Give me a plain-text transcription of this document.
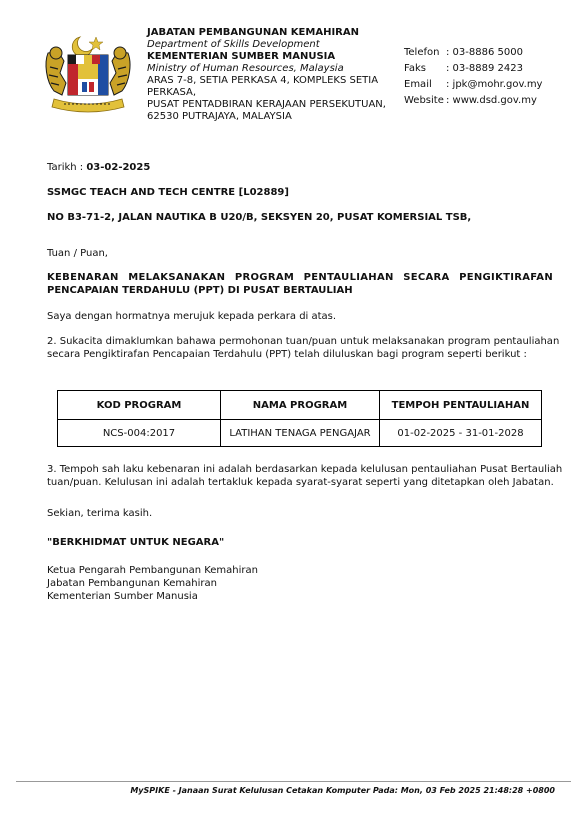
JABATAN PEMBANGUNAN KEMAHIRAN
Department of Skills Development
KEMENTERIAN SUMBER MANUSIA
Ministry of Human Resources, Malaysia
ARAS 7-8, SETIA PERKASA 4, KOMPLEKS SETIA
PERKASA,
PUSAT PENTADBIRAN KERAJAAN PERSEKUTUAN,
62530 PUTRAJAYA, MALAYSIA
Telefon : 03-8886 5000
Faks	: 03-8889 2423
Email	: jpk@mohr.gov.my
Website : www.dsd.gov.my
Tarikh : 03-02-2025
SSMGC TEACH AND TECH CENTRE [L02889]
NO B3-71-2, JALAN NAUTIKA B U20/B, SEKSYEN 20, PUSAT KOMERSIAL TSB,
Tuan / Puan,
KEBENARAN MELAKSANAKAN PROGRAM PENTAULIAHAN SECARA PENGIKTIRAFAN
PENCAPAIAN TERDAHULU (PPT) DI PUSAT BERTAULIAH
Saya dengan hormatnya merujuk kepada perkara di atas.
2. Sukacita dimaklumkan bahawa permohonan tuan/puan untuk melaksanakan program pentauliahan
secara Pengiktirafan Pencapaian Terdahulu (PPT) telah diluluskan bagi program seperti berikut :
KOD PROGRAM	NAMA PROGRAM	TEMPOH PENTAULIAHAN
NCS-004:2017	LATIHAN TENAGA PENGAJAR	01-02-2025 - 31-01-2028
3. Tempoh sah laku kebenaran ini adalah berdasarkan kepada kelulusan pentauliahan Pusat Bertauliah
tuan/puan. Kelulusan ini adalah tertakluk kepada syarat-syarat seperti yang ditetapkan oleh Jabatan.
Sekian, terima kasih.
"BERKHIDMAT UNTUK NEGARA"
Ketua Pengarah Pembangunan Kemahiran
Jabatan Pembangunan Kemahiran
Kementerian Sumber Manusia
MySPIKE - Janaan Surat Kelulusan Cetakan Komputer Pada: Mon, 03 Feb 2025 21:48:28 +0800
